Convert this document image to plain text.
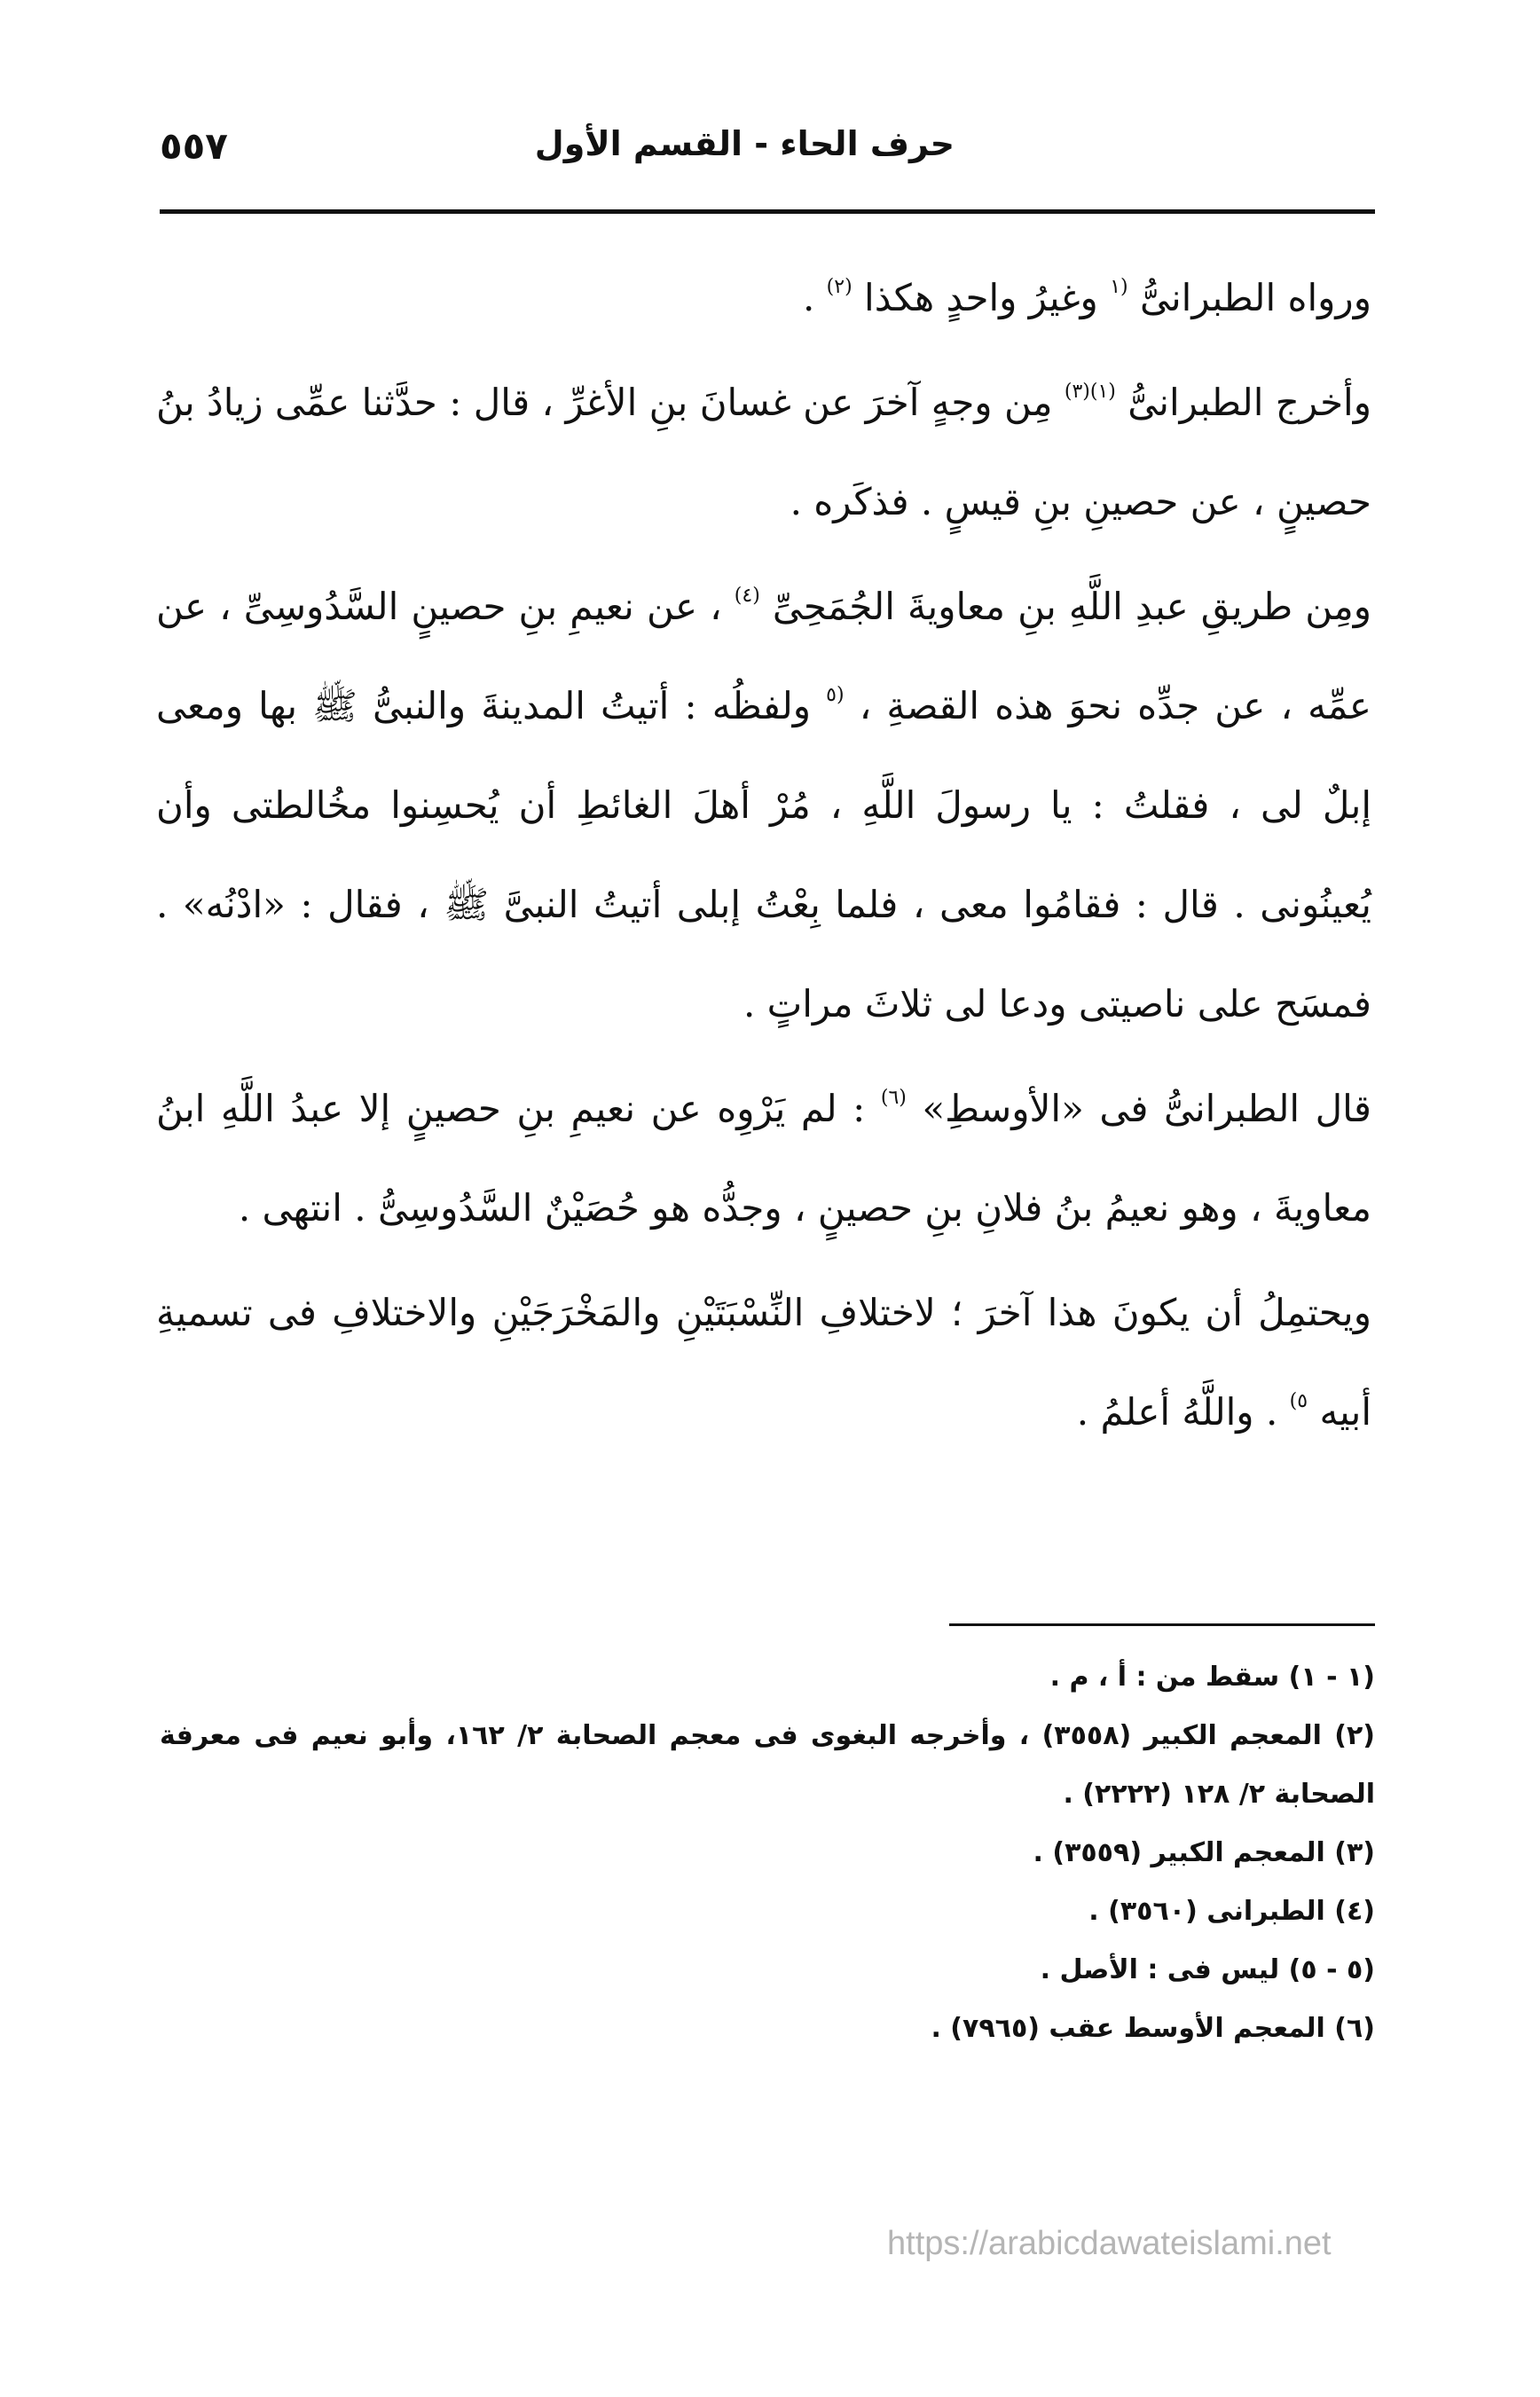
حرف الحاء - القسم الأول
٥٥٧

ورواه الطبرانىُّ $^{(١}$ وغيرُ واحدٍ هكذا $^{(٢)}$ .

وأخرج الطبرانىُّ $^{(١)(٣)}$ مِن وجهٍ آخرَ عن غسانَ بنِ الأغرِّ ، قال : حدَّثنا عمِّى زيادُ بنُ حصينٍ ، عن حصينِ بنِ قيسٍ . فذكَره .

ومِن طريقِ عبدِ اللَّهِ بنِ معاويةَ الجُمَحِىِّ $^{(٤)}$ ، عن نعيمِ بنِ حصينٍ السَّدُوسِىِّ ، عن عمِّه ، عن جدِّه نحوَ هذه القصةِ ، $^{(٥}$ ولفظُه : أتيتُ المدينةَ والنبىُّ ﷺ بها ومعى إبلٌ لى ، فقلتُ : يا رسولَ اللَّهِ ، مُرْ أهلَ الغائطِ أن يُحسِنوا مخُالطتى وأن يُعينُونى . قال : فقامُوا معى ، فلما بِعْتُ إبلى أتيتُ النبىَّ ﷺ ، فقال : «ادْنُه» . فمسَح على ناصيتى ودعا لى ثلاثَ مراتٍ .

قال الطبرانىُّ فى «الأوسطِ» $^{(٦)}$ : لم يَرْوِه عن نعيمِ بنِ حصينٍ إلا عبدُ اللَّهِ ابنُ معاويةَ ، وهو نعيمُ بنُ فلانِ بنِ حصينٍ ، وجدُّه هو حُصَيْنٌ السَّدُوسِىُّ . انتهى .

ويحتمِلُ أن يكونَ هذا آخرَ ؛ لاختلافِ النِّسْبَتَيْنِ والمَخْرَجَيْنِ والاختلافِ فى تسميةِ أبيه $^{٥)}$ . واللَّهُ أعلمُ .

(١ - ١) سقط من : أ ، م .

(٢) المعجم الكبير (٣٥٥٨) ، وأخرجه البغوى فى معجم الصحابة ٢/ ١٦٢، وأبو نعيم فى معرفة الصحابة ٢/ ١٢٨ (٢٢٢٢) .

(٣) المعجم الكبير (٣٥٥٩) .

(٤) الطبرانى (٣٥٦٠) .

(٥ - ٥) ليس فى : الأصل .

(٦) المعجم الأوسط عقب (٧٩٦٥) .

https://arabicdawateislami.net
